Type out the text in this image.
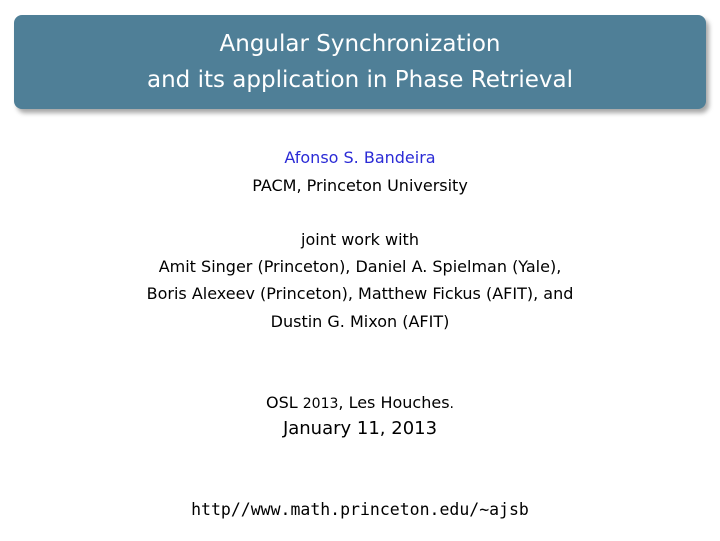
Angular Synchronization
and its application in Phase Retrieval
Afonso S. Bandeira
PACM, Princeton University
joint work with
Amit Singer (Princeton), Daniel A. Spielman (Yale),
Boris Alexeev (Princeton), Matthew Fickus (AFIT), and
Dustin G. Mixon (AFIT)
OSL 2013, Les Houches.
January 11, 2013
http//www.math.princeton.edu/~ajsb
